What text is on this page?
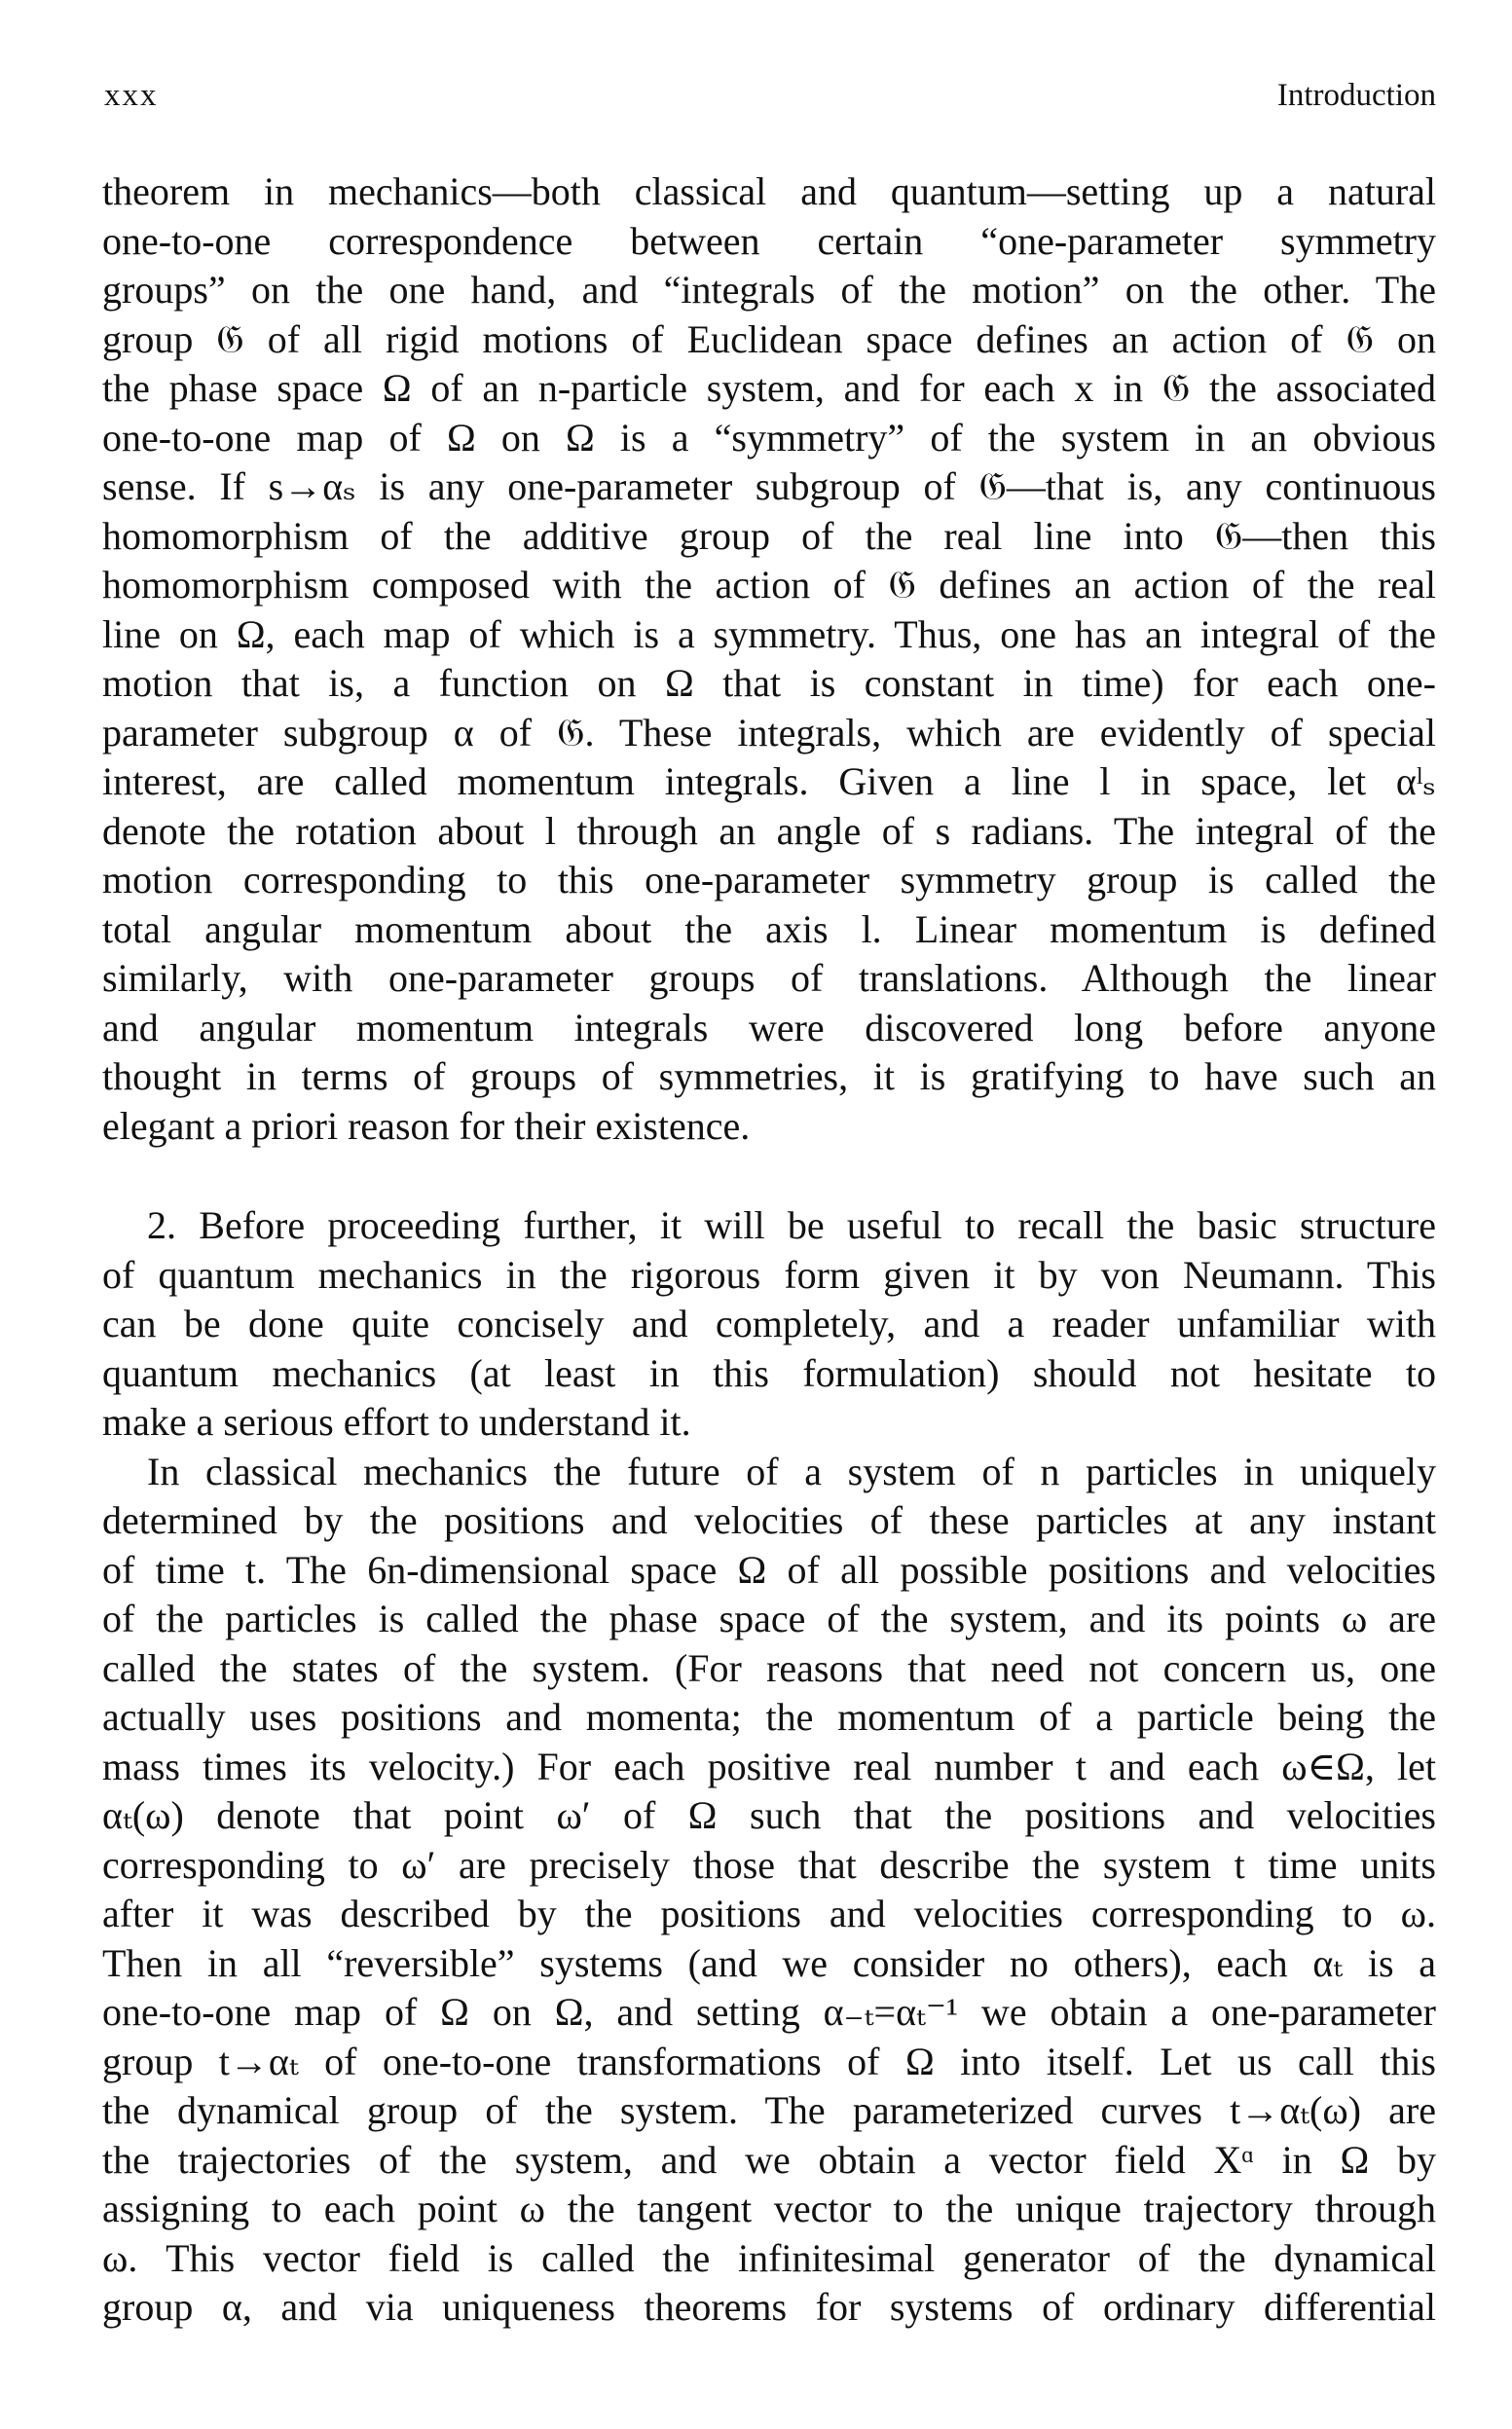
xxx	Introduction
theorem in mechanics—both classical and quantum—setting up a natural
one-to-one correspondence between certain “one-parameter symmetry
groups” on the one hand, and “integrals of the motion” on the other. The
group 𝔊 of all rigid motions of Euclidean space defines an action of 𝔊 on
the phase space Ω of an n-particle system, and for each x in 𝔊 the associated
one-to-one map of Ω on Ω is a “symmetry” of the system in an obvious
sense. If s→αₛ is any one-parameter subgroup of 𝔊—that is, any continuous
homomorphism of the additive group of the real line into 𝔊—then this
homomorphism composed with the action of 𝔊 defines an action of the real
line on Ω, each map of which is a symmetry. Thus, one has an integral of the
motion that is, a function on Ω that is constant in time) for each one-
parameter subgroup α of 𝔊. These integrals, which are evidently of special
interest, are called momentum integrals. Given a line l in space, let αˡₛ
denote the rotation about l through an angle of s radians. The integral of the
motion corresponding to this one-parameter symmetry group is called the
total angular momentum about the axis l. Linear momentum is defined
similarly, with one-parameter groups of translations. Although the linear
and angular momentum integrals were discovered long before anyone
thought in terms of groups of symmetries, it is gratifying to have such an
elegant a priori reason for their existence.
2. Before proceeding further, it will be useful to recall the basic structure
of quantum mechanics in the rigorous form given it by von Neumann. This
can be done quite concisely and completely, and a reader unfamiliar with
quantum mechanics (at least in this formulation) should not hesitate to
make a serious effort to understand it.
In classical mechanics the future of a system of n particles in uniquely
determined by the positions and velocities of these particles at any instant
of time t. The 6n-dimensional space Ω of all possible positions and velocities
of the particles is called the phase space of the system, and its points ω are
called the states of the system. (For reasons that need not concern us, one
actually uses positions and momenta; the momentum of a particle being the
mass times its velocity.) For each positive real number t and each ω∈Ω, let
αₜ(ω) denote that point ω′ of Ω such that the positions and velocities
corresponding to ω′ are precisely those that describe the system t time units
after it was described by the positions and velocities corresponding to ω.
Then in all “reversible” systems (and we consider no others), each αₜ is a
one-to-one map of Ω on Ω, and setting α₋ₜ=αₜ⁻¹ we obtain a one-parameter
group t→αₜ of one-to-one transformations of Ω into itself. Let us call this
the dynamical group of the system. The parameterized curves t→αₜ(ω) are
the trajectories of the system, and we obtain a vector field Xᵅ in Ω by
assigning to each point ω the tangent vector to the unique trajectory through
ω. This vector field is called the infinitesimal generator of the dynamical
group α, and via uniqueness theorems for systems of ordinary differential
